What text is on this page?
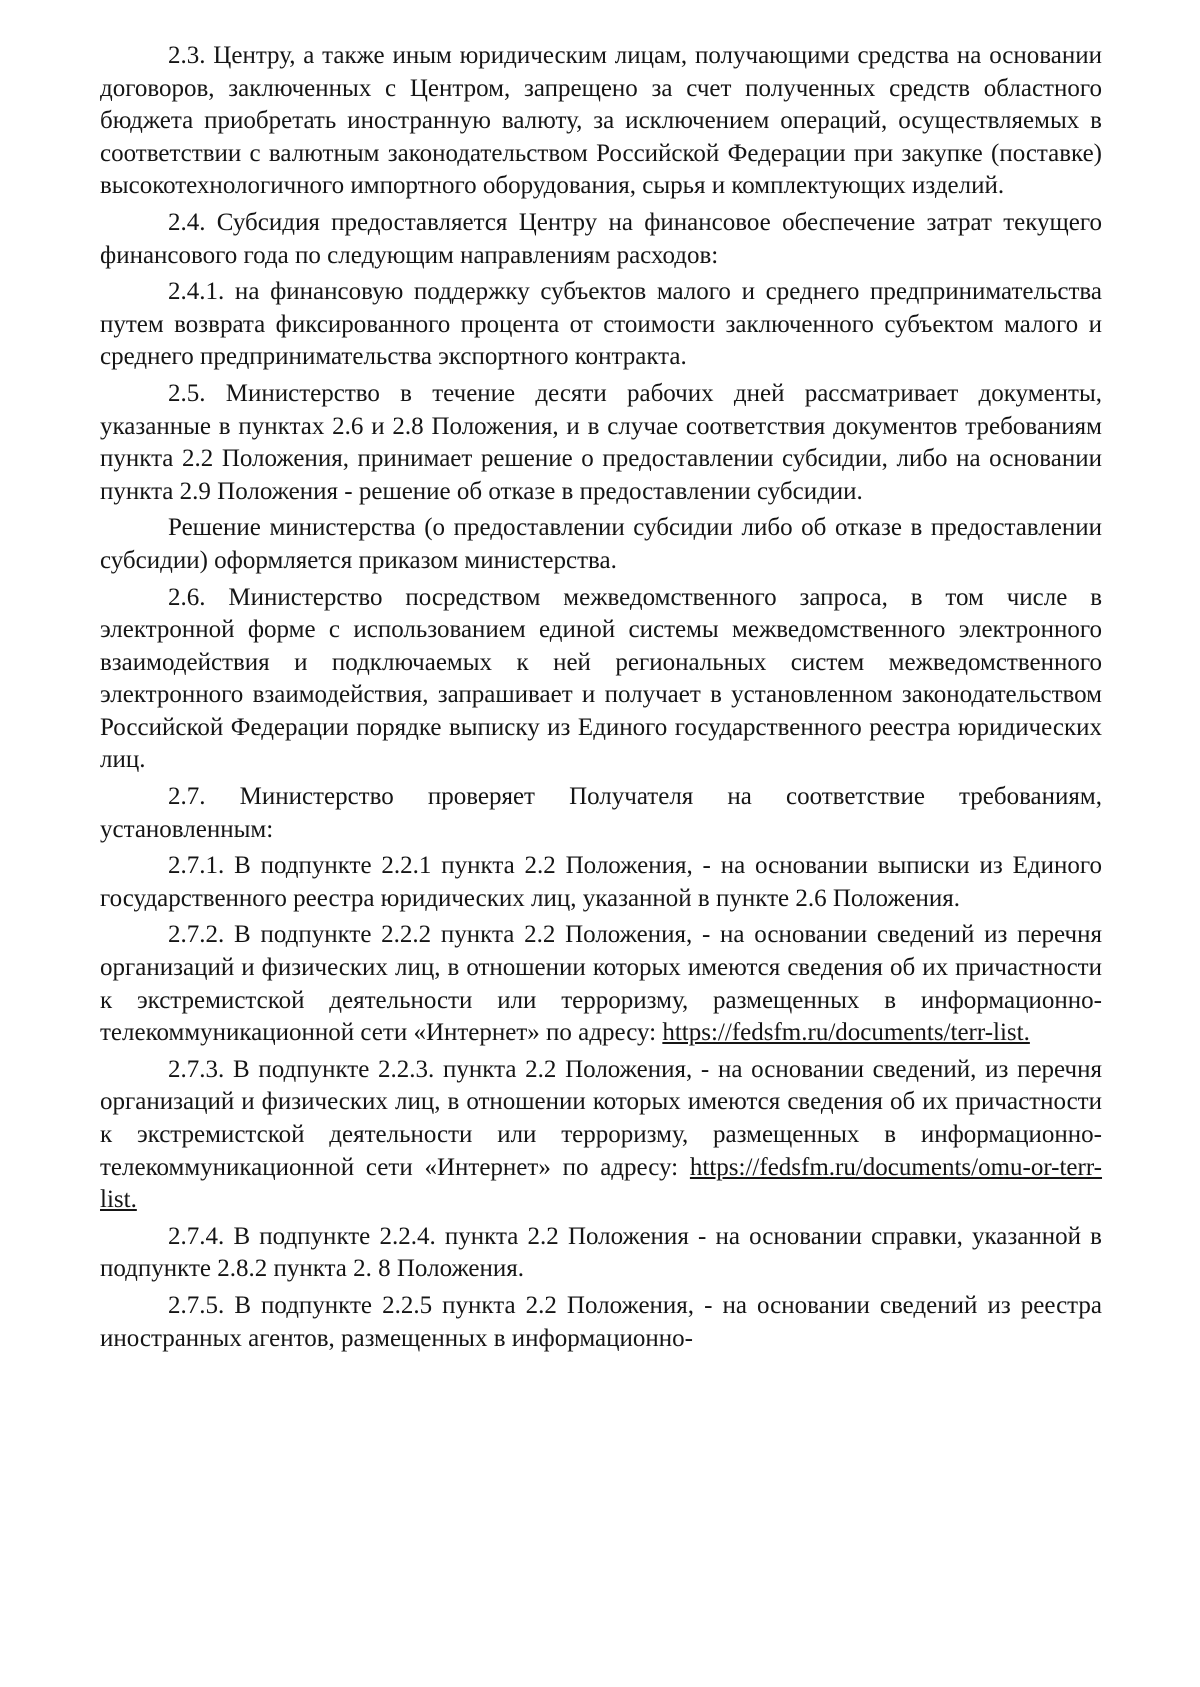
2.3. Центру, а также иным юридическим лицам, получающими средства на основании договоров, заключенных с Центром, запрещено за счет полученных средств областного бюджета приобретать иностранную валюту, за исключением операций, осуществляемых в соответствии с валютным законодательством Российской Федерации при закупке (поставке) высокотехнологичного импортного оборудования, сырья и комплектующих изделий.

2.4. Субсидия предоставляется Центру на финансовое обеспечение затрат текущего финансового года по следующим направлениям расходов:

2.4.1. на финансовую поддержку субъектов малого и среднего предпринимательства путем возврата фиксированного процента от стоимости заключенного субъектом малого и среднего предпринимательства экспортного контракта.

2.5. Министерство в течение десяти рабочих дней рассматривает документы, указанные в пунктах 2.6 и 2.8 Положения, и в случае соответствия документов требованиям пункта 2.2 Положения, принимает решение о предоставлении субсидии, либо на основании пункта 2.9 Положения - решение об отказе в предоставлении субсидии.

Решение министерства (о предоставлении субсидии либо об отказе в предоставлении субсидии) оформляется приказом министерства.

2.6. Министерство посредством межведомственного запроса, в том числе в электронной форме с использованием единой системы межведомственного электронного взаимодействия и подключаемых к ней региональных систем межведомственного электронного взаимодействия, запрашивает и получает в установленном законодательством Российской Федерации порядке выписку из Единого государственного реестра юридических лиц.

2.7. Министерство проверяет Получателя на соответствие требованиям, установленным:

2.7.1. В подпункте 2.2.1 пункта 2.2 Положения, - на основании выписки из Единого государственного реестра юридических лиц, указанной в пункте 2.6 Положения.

2.7.2. В подпункте 2.2.2 пункта 2.2 Положения, - на основании сведений из перечня организаций и физических лиц, в отношении которых имеются сведения об их причастности к экстремистской деятельности или терроризму, размещенных в информационно-телекоммуникационной сети «Интернет» по адресу: https://fedsfm.ru/documents/terr-list.

2.7.3. В подпункте 2.2.3. пункта 2.2 Положения, - на основании сведений, из перечня организаций и физических лиц, в отношении которых имеются сведения об их причастности к экстремистской деятельности или терроризму, размещенных в информационно-телекоммуникационной сети «Интернет» по адресу: https://fedsfm.ru/documents/omu-or-terr-list.

2.7.4. В подпункте 2.2.4. пункта 2.2 Положения - на основании справки, указанной в подпункте 2.8.2 пункта 2. 8 Положения.

2.7.5. В подпункте 2.2.5 пункта 2.2 Положения, - на основании сведений из реестра иностранных агентов, размещенных в информационно-
